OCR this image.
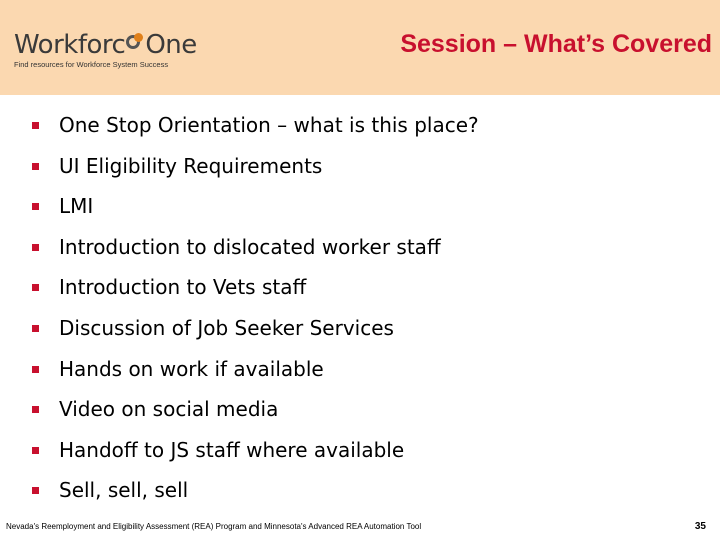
Workforc One
Find resources for Workforce System Success
Session – What’s Covered
One Stop Orientation – what is this place?
UI Eligibility Requirements
LMI
Introduction to dislocated worker staff
Introduction to Vets staff
Discussion of Job Seeker Services
Hands on work if available
Video on social media
Handoff to JS staff where available
Sell, sell, sell
Nevada's Reemployment and Eligibility Assessment (REA) Program and Minnesota's Advanced REA Automation Tool	35
